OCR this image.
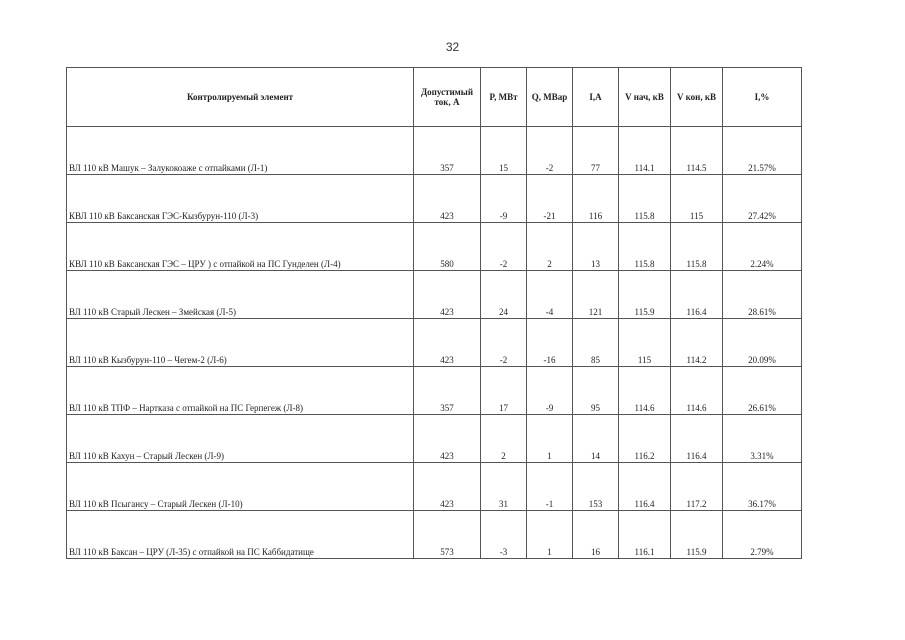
32
Контролируемый элемент	Допустимый ток, А	P, МВт	Q, МВар	I,A	V нач, кВ	V кон, кВ	I,%
ВЛ 110 кВ Машук – Залукокоаже с отпайками (Л-1)	357	15	-2	77	114.1	114.5	21.57%
КВЛ 110 кВ Баксанская ГЭС-Кызбурун-110 (Л-3)	423	-9	-21	116	115.8	115	27.42%
КВЛ 110 кВ Баксанская ГЭС – ЦРУ ) с отпайкой на ПС Гунделен (Л-4)	580	-2	2	13	115.8	115.8	2.24%
ВЛ 110 кВ Старый Лескен – Змейская (Л-5)	423	24	-4	121	115.9	116.4	28.61%
ВЛ 110 кВ Кызбурун-110 – Чегем-2 (Л-6)	423	-2	-16	85	115	114.2	20.09%
ВЛ 110 кВ ТПФ – Нартказа с отпайкой на ПС Герпегеж (Л-8)	357	17	-9	95	114.6	114.6	26.61%
ВЛ 110 кВ Кахун – Старый Лескен (Л-9)	423	2	1	14	116.2	116.4	3.31%
ВЛ 110 кВ Псыгансу – Старый Лескен (Л-10)	423	31	-1	153	116.4	117.2	36.17%
ВЛ 110 кВ Баксан – ЦРУ (Л-35) с отпайкой на ПС Каббидатище	573	-3	1	16	116.1	115.9	2.79%
